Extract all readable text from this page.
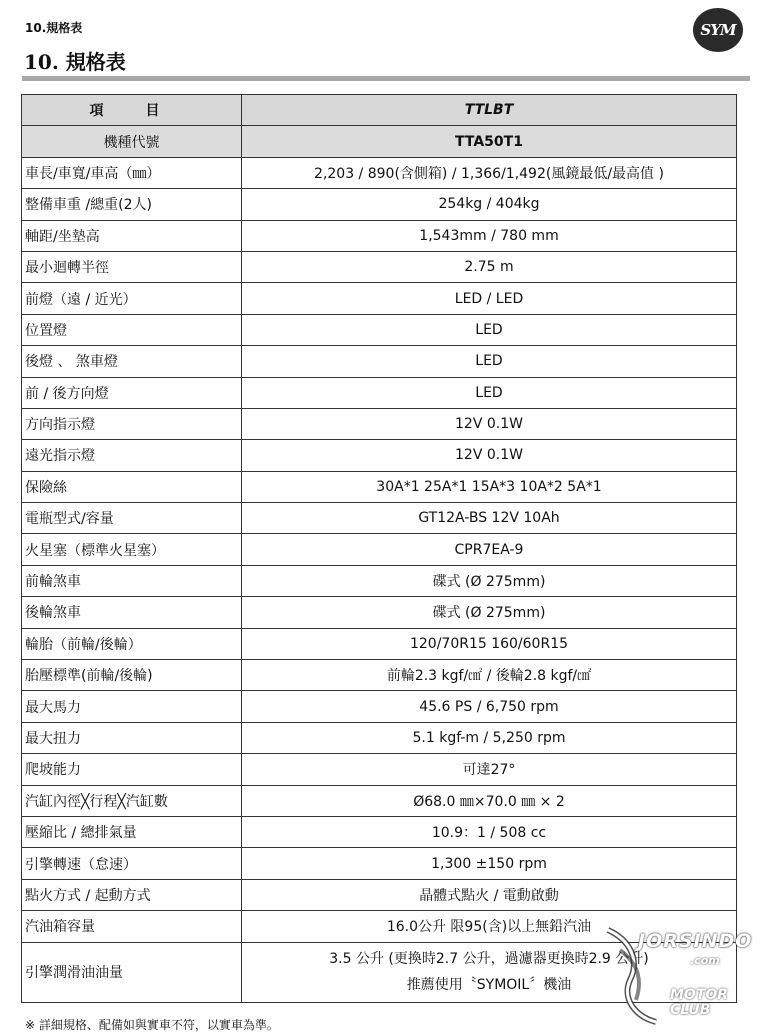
10.規格表	SYM
10. 規格表
項　目	TTLBT
機種代號	TTA50T1
車長/車寬/車高（㎜）	2,203 / 890(含側箱) / 1,366/1,492(風鏡最低/最高值 )
整備車重 /總重(2人)	254kg / 404kg
軸距/坐墊高	1,543mm / 780 mm
最小迴轉半徑	2.75 m
前燈（遠 / 近光）	LED / LED
位置燈	LED
後燈 、 煞車燈	LED
前 / 後方向燈	LED
方向指示燈	12V 0.1W
遠光指示燈	12V 0.1W
保險絲	30A*1 25A*1 15A*3 10A*2 5A*1
電瓶型式/容量	GT12A-BS 12V 10Ah
火星塞（標準火星塞）	CPR7EA-9
前輪煞車	碟式 (Ø 275mm)
後輪煞車	碟式 (Ø 275mm)
輪胎（前輪/後輪）	120/70R15 160/60R15
胎壓標準(前輪/後輪)	前輪2.3 kgf/㎠ / 後輪2.8 kgf/㎠
最大馬力	45.6 PS / 6,750 rpm
最大扭力	5.1 kgf-m / 5,250 rpm
爬坡能力	可達27°
汽缸內徑╳行程╳汽缸數	Ø68.0 ㎜×70.0 ㎜ × 2
壓縮比 / 總排氣量	10.9：1 / 508 cc
引擎轉速（怠速）	1,300 ±150 rpm
點火方式 / 起動方式	晶體式點火 / 電動啟動
汽油箱容量	16.0公升 限95(含)以上無鉛汽油
引擎潤滑油油量	3.5 公升 (更換時2.7 公升，過濾器更換時2.9 公升)
推薦使用〝SYMOIL〞機油
※ 詳細規格、配備如與實車不符，以實車為準。
JORSINDO
.com
MOTOR CLUB
